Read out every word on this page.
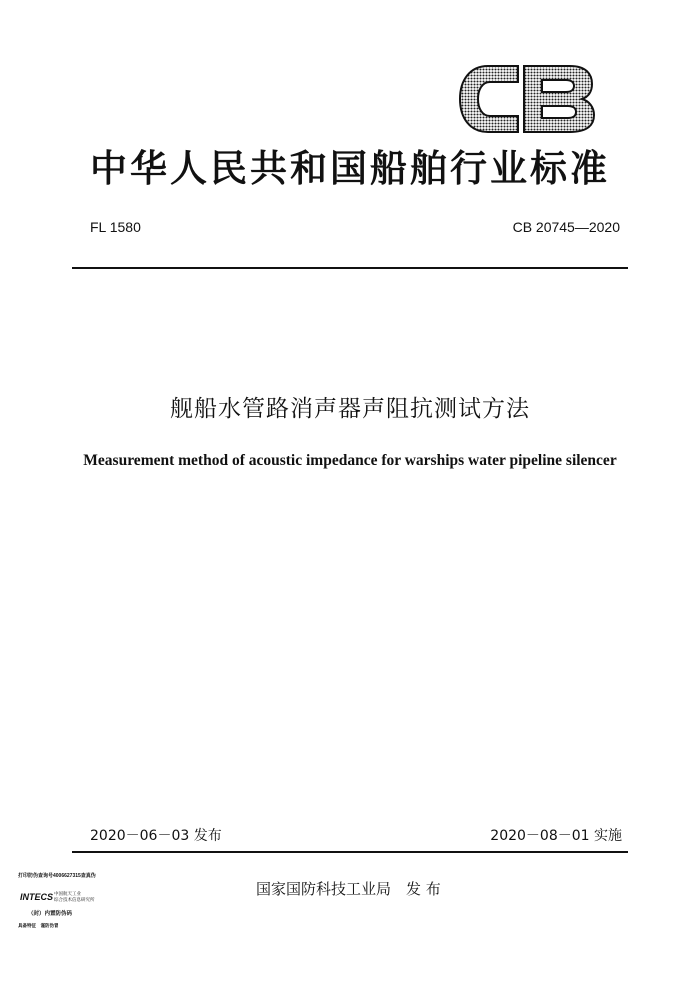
中华人民共和国船舶行业标准
FL 1580	CB 20745—2020
舰船水管路消声器声阻抗测试方法
Measurement method of acoustic impedance for warships water pipeline silencer
2020－06－03 发布	2020－08－01 实施
国家国防科技工业局　发 布
打印防伪查询号4006627315查真伪
INTECS 中国航天工业
综合技术信息研究所
（封）内置防伪码
具备特征　谨防伪冒
